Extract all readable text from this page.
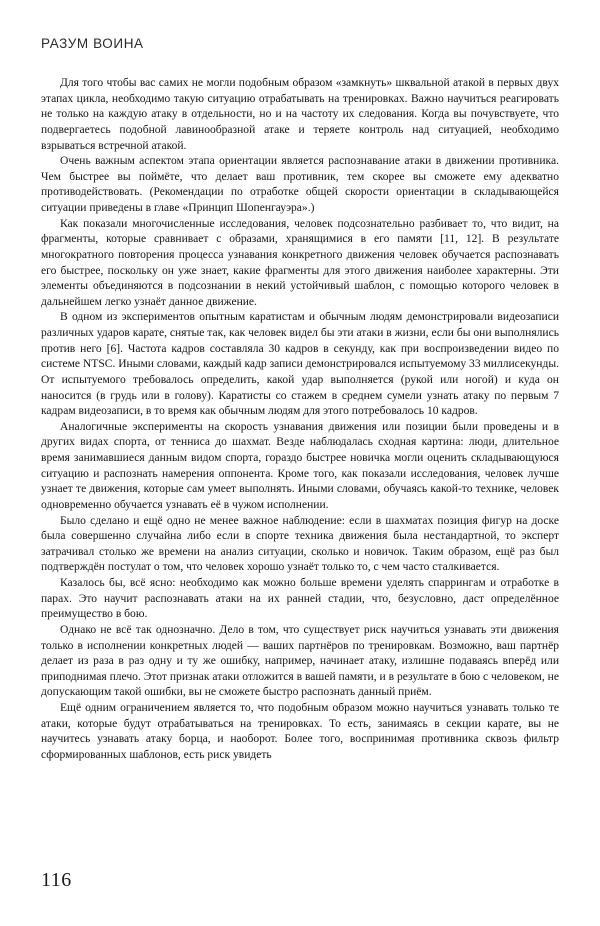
РАЗУМ ВОИНА

Для того чтобы вас самих не могли подобным образом «замкнуть» шквальной атакой в первых двух этапах цикла, необходимо такую ситуацию отрабатывать на тренировках. Важно научиться реагировать не только на каждую атаку в отдельности, но и на частоту их следования. Когда вы почувствуете, что подвергаетесь подобной лавинообразной атаке и теряете контроль над ситуацией, необходимо взрываться встречной атакой.

Очень важным аспектом этапа ориентации является распознавание атаки в движении противника. Чем быстрее вы поймёте, что делает ваш противник, тем скорее вы сможете ему адекватно противодействовать. (Рекомендации по отработке общей скорости ориентации в складывающейся ситуации приведены в главе «Принцип Шопенгауэра».)

Как показали многочисленные исследования, человек подсознательно разбивает то, что видит, на фрагменты, которые сравнивает с образами, хранящимися в его памяти [11, 12]. В результате многократного повторения процесса узнавания конкретного движения человек обучается распознавать его быстрее, поскольку он уже знает, какие фрагменты для этого движения наиболее характерны. Эти элементы объединяются в подсознании в некий устойчивый шаблон, с помощью которого человек в дальнейшем легко узнаёт данное движение.

В одном из экспериментов опытным каратистам и обычным людям демонстрировали видеозаписи различных ударов карате, снятые так, как человек видел бы эти атаки в жизни, если бы они выполнялись против него [6]. Частота кадров составляла 30 кадров в секунду, как при воспроизведении видео по системе NTSC. Иными словами, каждый кадр записи демонстрировался испытуемому 33 миллисекунды. От испытуемого требовалось определить, какой удар выполняется (рукой или ногой) и куда он наносится (в грудь или в голову). Каратисты со стажем в среднем сумели узнать атаку по первым 7 кадрам видеозаписи, в то время как обычным людям для этого потребовалось 10 кадров.

Аналогичные эксперименты на скорость узнавания движения или позиции были проведены и в других видах спорта, от тенниса до шахмат. Везде наблюдалась сходная картина: люди, длительное время занимавшиеся данным видом спорта, гораздо быстрее новичка могли оценить складывающуюся ситуацию и распознать намерения оппонента. Кроме того, как показали исследования, человек лучше узнает те движения, которые сам умеет выполнять. Иными словами, обучаясь какой-то технике, человек одновременно обучается узнавать её в чужом исполнении.

Было сделано и ещё одно не менее важное наблюдение: если в шахматах позиция фигур на доске была совершенно случайна либо если в спорте техника движения была нестандартной, то эксперт затрачивал столько же времени на анализ ситуации, сколько и новичок. Таким образом, ещё раз был подтверждён постулат о том, что человек хорошо узнаёт только то, с чем часто сталкивается.

Казалось бы, всё ясно: необходимо как можно больше времени уделять спаррингам и отработке в парах. Это научит распознавать атаки на их ранней стадии, что, безусловно, даст определённое преимущество в бою.

Однако не всё так однозначно. Дело в том, что существует риск научиться узнавать эти движения только в исполнении конкретных людей — ваших партнёров по тренировкам. Возможно, ваш партнёр делает из раза в раз одну и ту же ошибку, например, начинает атаку, излишне подаваясь вперёд или приподнимая плечо. Этот признак атаки отложится в вашей памяти, и в результате в бою с человеком, не допускающим такой ошибки, вы не сможете быстро распознать данный приём.

Ещё одним ограничением является то, что подобным образом можно научиться узнавать только те атаки, которые будут отрабатываться на тренировках. То есть, занимаясь в секции карате, вы не научитесь узнавать атаку борца, и наоборот. Более того, воспринимая противника сквозь фильтр сформированных шаблонов, есть риск увидеть

116
